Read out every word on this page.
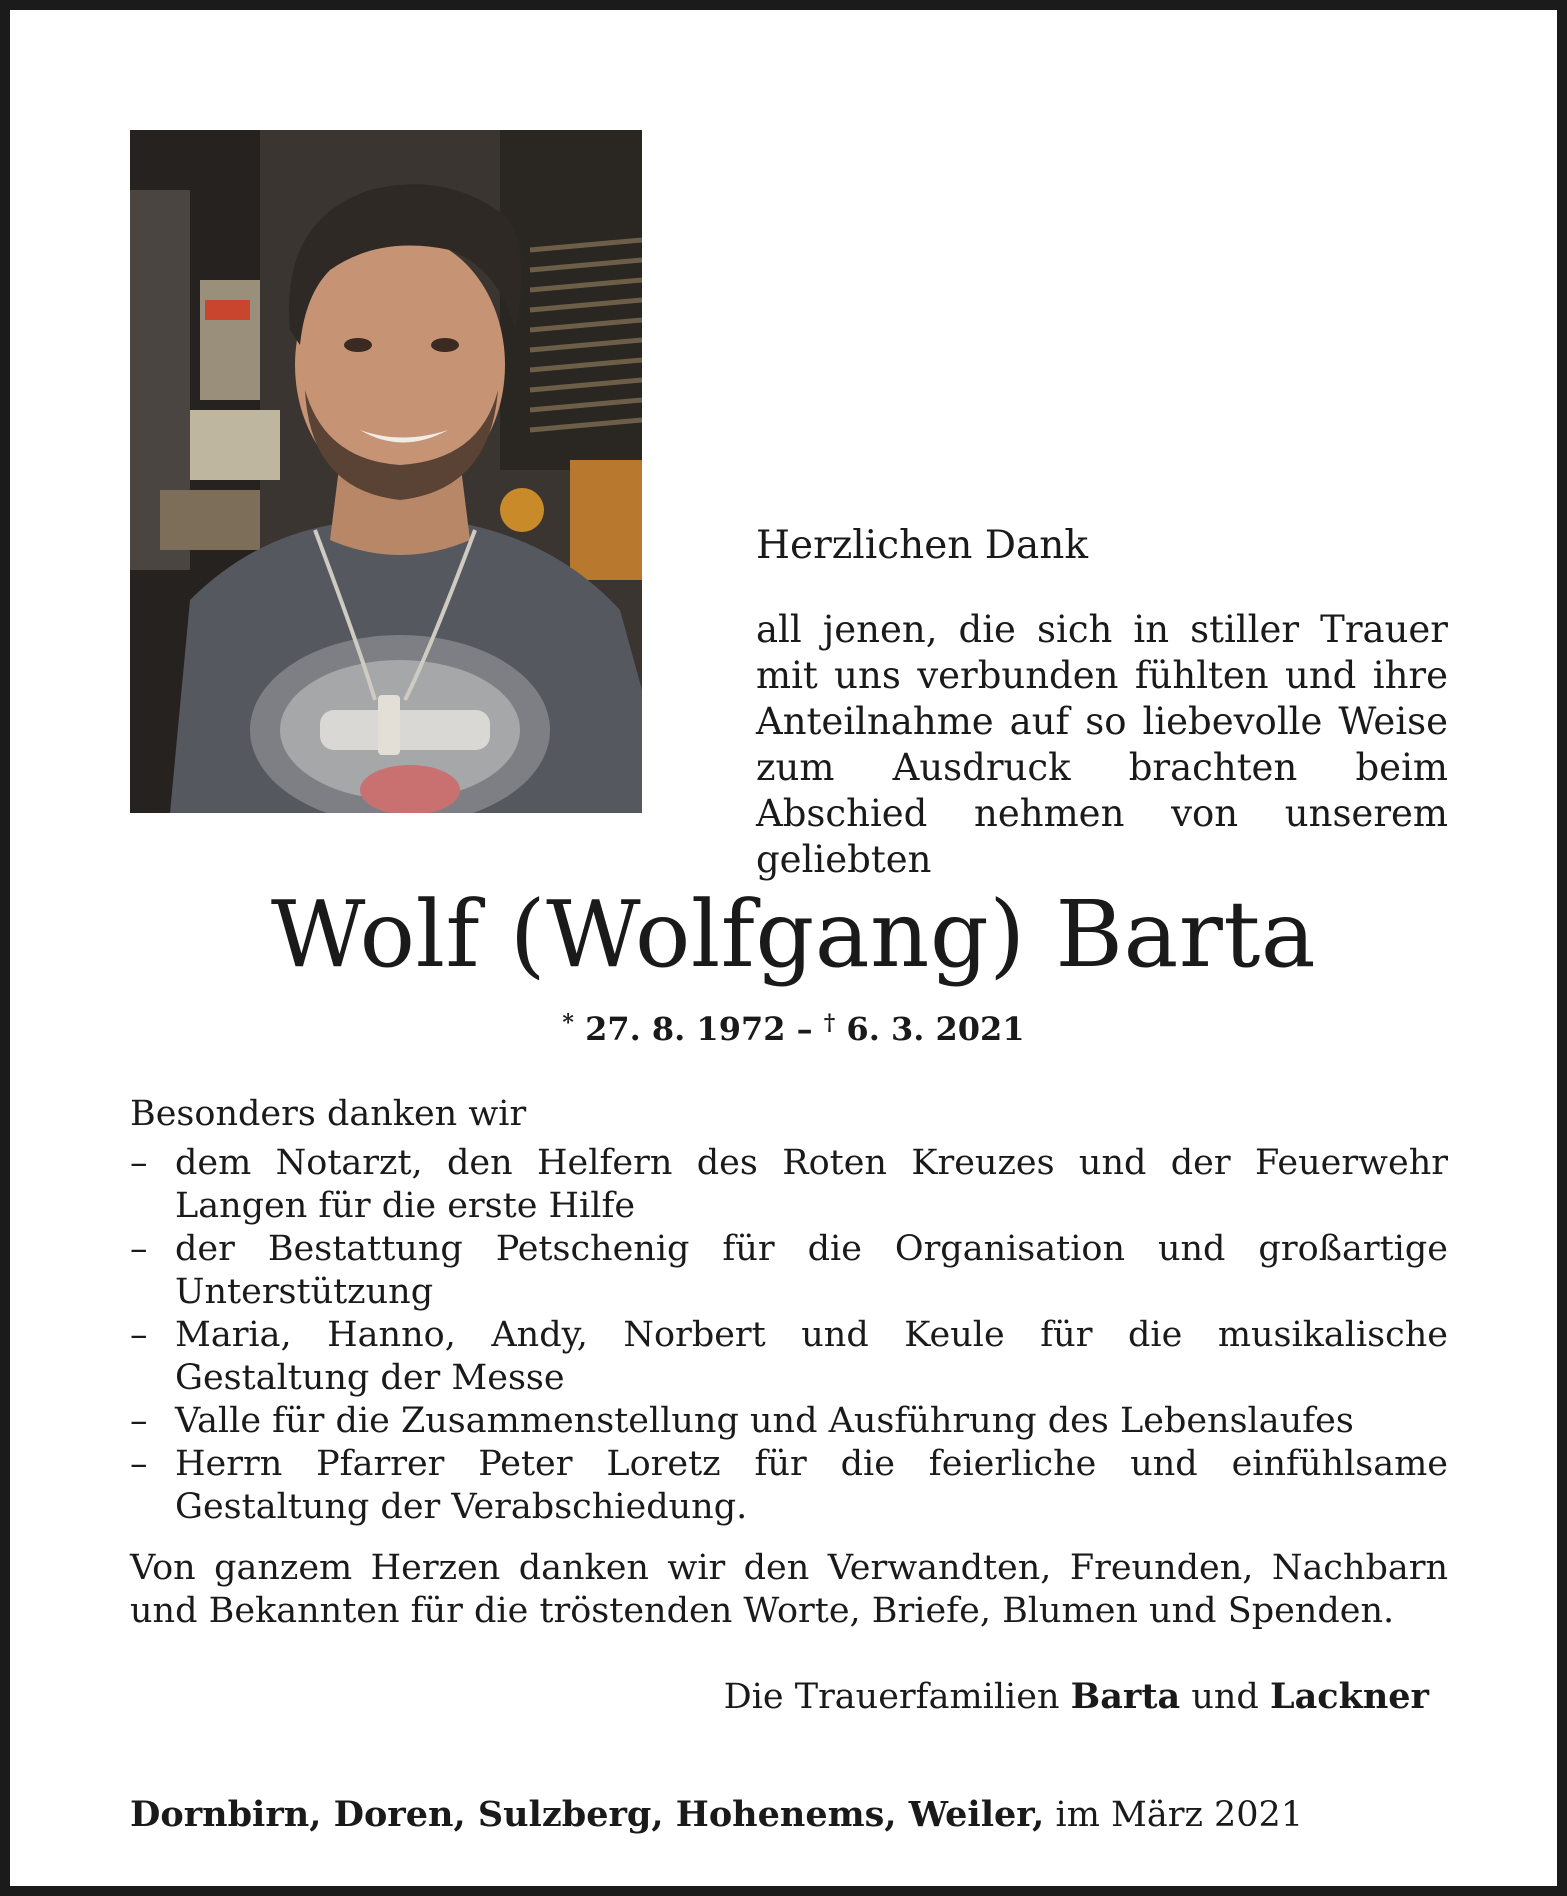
Herzlichen Dank

all jenen, die sich in stiller Trauer mit uns verbunden fühlten und ihre Anteilnahme auf so liebevolle Weise zum Ausdruck brachten beim Abschied nehmen von unserem geliebten

Wolf (Wolfgang) Barta
* 27. 8. 1972 – † 6. 3. 2021

Besonders danken wir

– dem Notarzt, den Helfern des Roten Kreuzes und der Feuerwehr Langen für die erste Hilfe
– der Bestattung Petschenig für die Organisation und großartige Unterstützung
– Maria, Hanno, Andy, Norbert und Keule für die musikalische Gestaltung der Messe
– Valle für die Zusammenstellung und Ausführung des Lebenslaufes
– Herrn Pfarrer Peter Loretz für die feierliche und einfühlsame Gestaltung der Verabschiedung.

Von ganzem Herzen danken wir den Verwandten, Freunden, Nachbarn und Bekannten für die tröstenden Worte, Briefe, Blumen und Spenden.

Die Trauerfamilien Barta und Lackner
Dornbirn, Doren, Sulzberg, Hohenems, Weiler, im März 2021
